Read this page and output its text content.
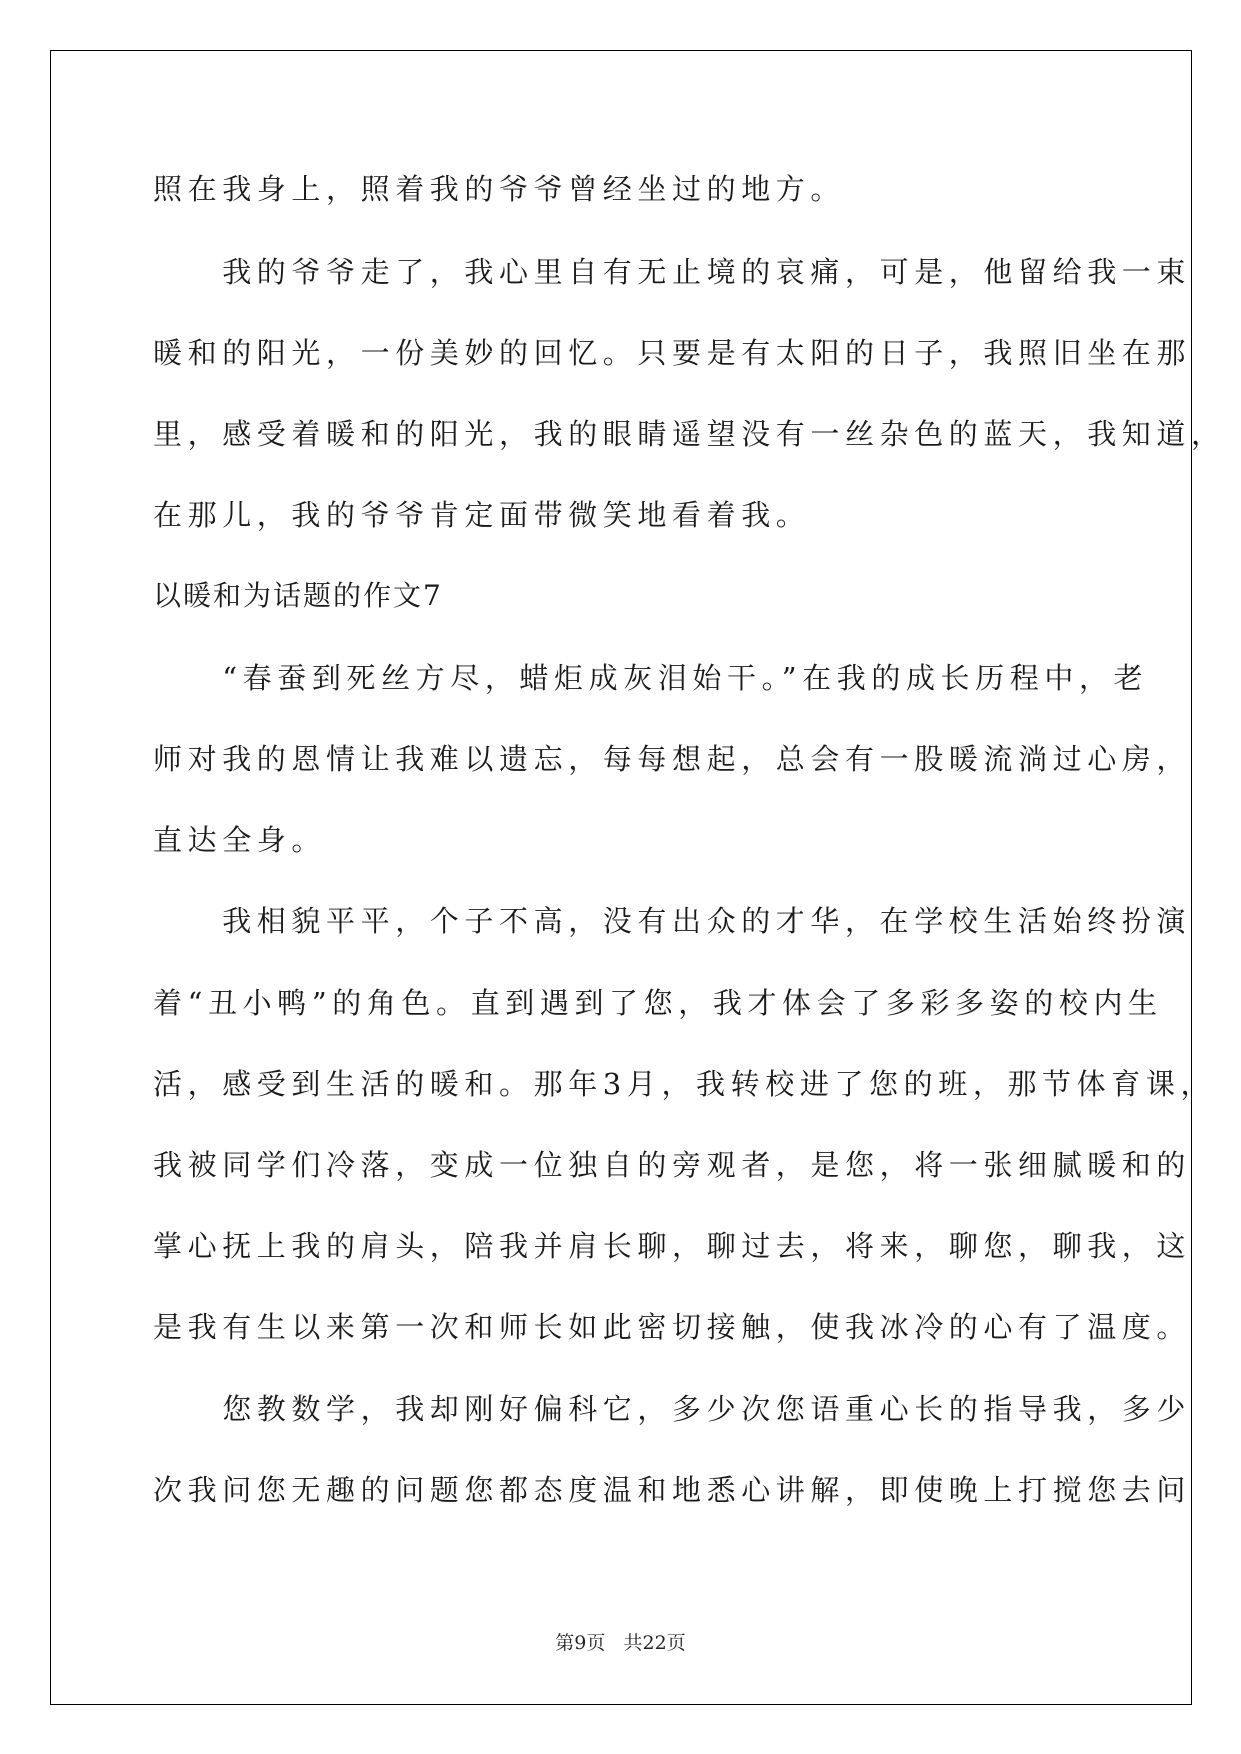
照在我身上，照着我的爷爷曾经坐过的地方。
　　我的爷爷走了，我心里自有无止境的哀痛，可是，他留给我一束
暖和的阳光，一份美妙的回忆。只要是有太阳的日子，我照旧坐在那
里，感受着暖和的阳光，我的眼睛遥望没有一丝杂色的蓝天，我知道，
在那儿，我的爷爷肯定面带微笑地看着我。
以暖和为话题的作文7
　　“春蚕到死丝方尽，蜡炬成灰泪始干。”在我的成长历程中，老
师对我的恩情让我难以遗忘，每每想起，总会有一股暖流淌过心房，
直达全身。
　　我相貌平平，个子不高，没有出众的才华，在学校生活始终扮演
着“丑小鸭”的角色。直到遇到了您，我才体会了多彩多姿的校内生
活，感受到生活的暖和。那年3月，我转校进了您的班，那节体育课，
我被同学们冷落，变成一位独自的旁观者，是您，将一张细腻暖和的
掌心抚上我的肩头，陪我并肩长聊，聊过去，将来，聊您，聊我，这
是我有生以来第一次和师长如此密切接触，使我冰冷的心有了温度。
　　您教数学，我却刚好偏科它，多少次您语重心长的指导我，多少
次我问您无趣的问题您都态度温和地悉心讲解，即使晚上打搅您去问
第9页 共22页
